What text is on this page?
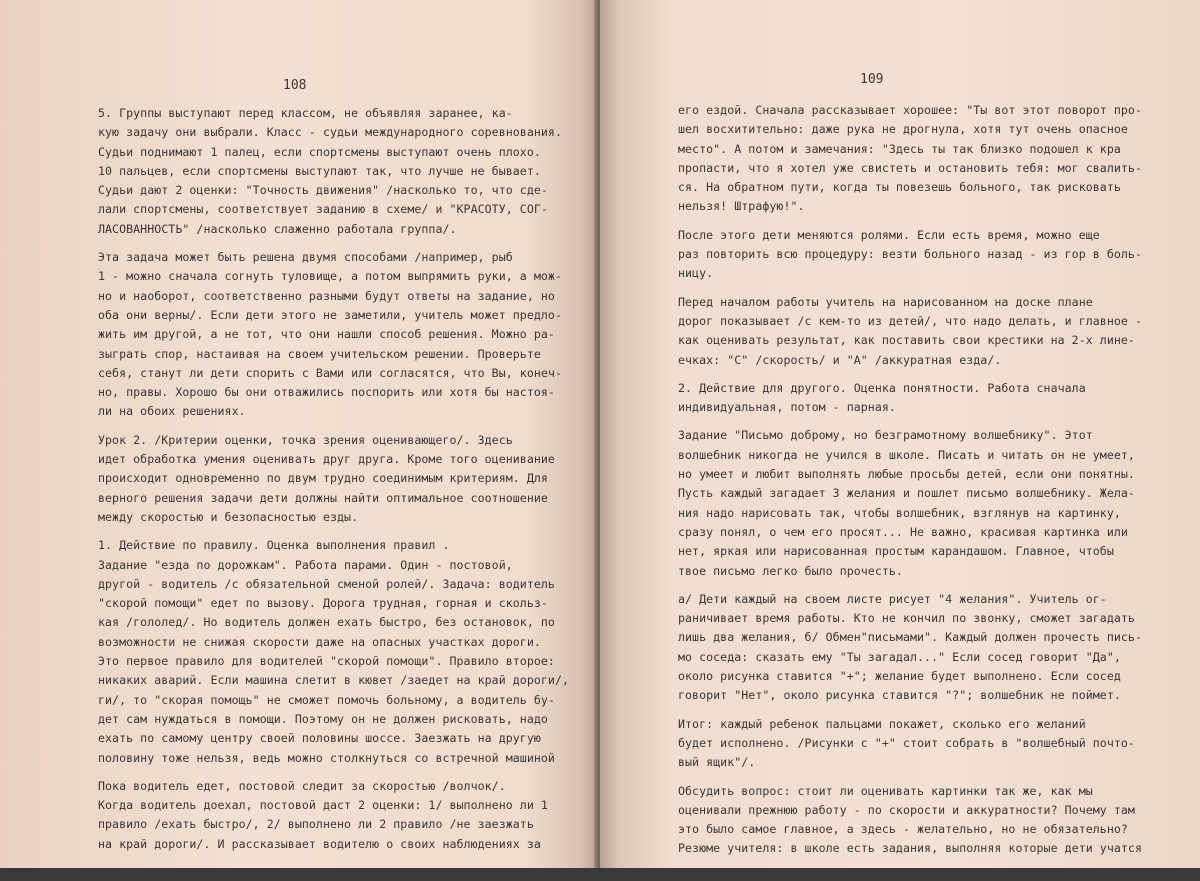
108
5. Группы выступают перед классом, не объявляя заранее, ка-
кую задачу они выбрали. Класс - судьи международного соревнования.
Судьи поднимают 1 палец, если спортсмены выступают очень плохо.
10 пальцев, если спортсмены выступают так, что лучше не бывает.
Судьи дают 2 оценки: "Точность движения" /насколько то, что сде-
лали спортсмены, соответствует заданию в схеме/ и "КРАСОТУ, СОГ-
ЛАСОВАННОСТЬ" /насколько слаженно работала группа/.
Эта задача может быть решена двумя способами /например, рыб
1 - можно сначала согнуть туловище, а потом выпрямить руки, а мож-
но и наоборот, соответственно разными будут ответы на задание, но
оба они верны/. Если дети этого не заметили, учитель может предло-
жить им другой, а не тот, что они нашли способ решения. Можно ра-
зыграть спор, настаивая на своем учительском решении. Проверьте
себя, станут ли дети спорить с Вами или согласятся, что Вы, конеч-
но, правы. Хорошо бы они отважились поспорить или хотя бы настоя-
ли на обоих решениях.
Урок 2. /Критерии оценки, точка зрения оценивающего/. Здесь
идет обработка умения оценивать друг друга. Кроме того оценивание
происходит одновременно по двум трудно соединимым критериям. Для
верного решения задачи дети должны найти оптимальное соотношение
между скоростью и безопасностью езды.
1. Действие по правилу. Оценка выполнения правил .
Задание "езда по дорожкам". Работа парами. Один - постовой,
другой - водитель /с обязательной сменой ролей/. Задача: водитель
"скорой помощи" едет по вызову. Дорога трудная, горная и скольз-
кая /гололед/. Но водитель должен ехать быстро, без остановок, по
возможности не снижая скорости даже на опасных участках дороги.
Это первое правило для водителей "скорой помощи". Правило второе:
никаких аварий. Если машина слетит в кювет /заедет на край дороги/,
ги/, то "скорая помощь" не сможет помочь больному, а водитель бу-
дет сам нуждаться в помощи. Поэтому он не должен рисковать, надо
ехать по самому центру своей половины шоссе. Заезжать на другую
половину тоже нельзя, ведь можно столкнуться со встречной машиной
Пока водитель едет, постовой следит за скоростью /волчок/.
Когда водитель доехал, постовой даст 2 оценки: 1/ выполнено ли 1
правило /ехать быстро/, 2/ выполнено ли 2 правило /не заезжать
на край дороги/. И рассказывает водителю о своих наблюдениях за
109
его ездой. Сначала рассказывает хорошее: "Ты вот этот поворот про-
шел восхитительно: даже рука не дрогнула, хотя тут очень опасное
место". А потом и замечания: "Здесь ты так близко подошел к кра
пропасти, что я хотел уже свистеть и остановить тебя: мог свалить-
ся. На обратном пути, когда ты повезешь больного, так рисковать
нельзя! Штрафую!".
После этого дети меняются ролями. Если есть время, можно еще
раз повторить всю процедуру: везти больного назад - из гор в боль-
ницу.
Перед началом работы учитель на нарисованном на доске плане
дорог показывает /с кем-то из детей/, что надо делать, и главное -
как оценивать результат, как поставить свои крестики на 2-х лине-
ечках: "С" /скорость/ и "А" /аккуратная езда/.
2. Действие для другого. Оценка понятности. Работа сначала
индивидуальная, потом - парная.
Задание "Письмо доброму, но безграмотному волшебнику". Этот
волшебник никогда не учился в школе. Писать и читать он не умеет,
но умеет и любит выполнять любые просьбы детей, если они понятны.
Пусть каждый загадает 3 желания и пошлет письмо волшебнику. Жела-
ния надо нарисовать так, чтобы волшебник, взглянув на картинку,
сразу понял, о чем его просят... Не важно, красивая картинка или
нет, яркая или нарисованная простым карандашом. Главное, чтобы
твое письмо легко было прочесть.
а/ Дети каждый на своем листе рисует "4 желания". Учитель ог-
раничивает время работы. Кто не кончил по звонку, сможет загадать
лишь два желания, б/ Обмен"письмами". Каждый должен прочесть пись-
мо соседа: сказать ему "Ты загадал..." Если сосед говорит "Да",
около рисунка ставится "+"; желание будет выполнено. Если сосед
говорит "Нет", около рисунка ставится "?"; волшебник не поймет.
Итог: каждый ребенок пальцами покажет, сколько его желаний
будет исполнено. /Рисунки с "+" стоит собрать в "волшебный почто-
вый ящик"/.
Обсудить вопрос: стоит ли оценивать картинки так же, как мы
оценивали прежнюю работу - по скорости и аккуратности? Почему там
это было самое главное, а здесь - желательно, но не обязательно?
Резюме учителя: в школе есть задания, выполняя которые дети учатся
